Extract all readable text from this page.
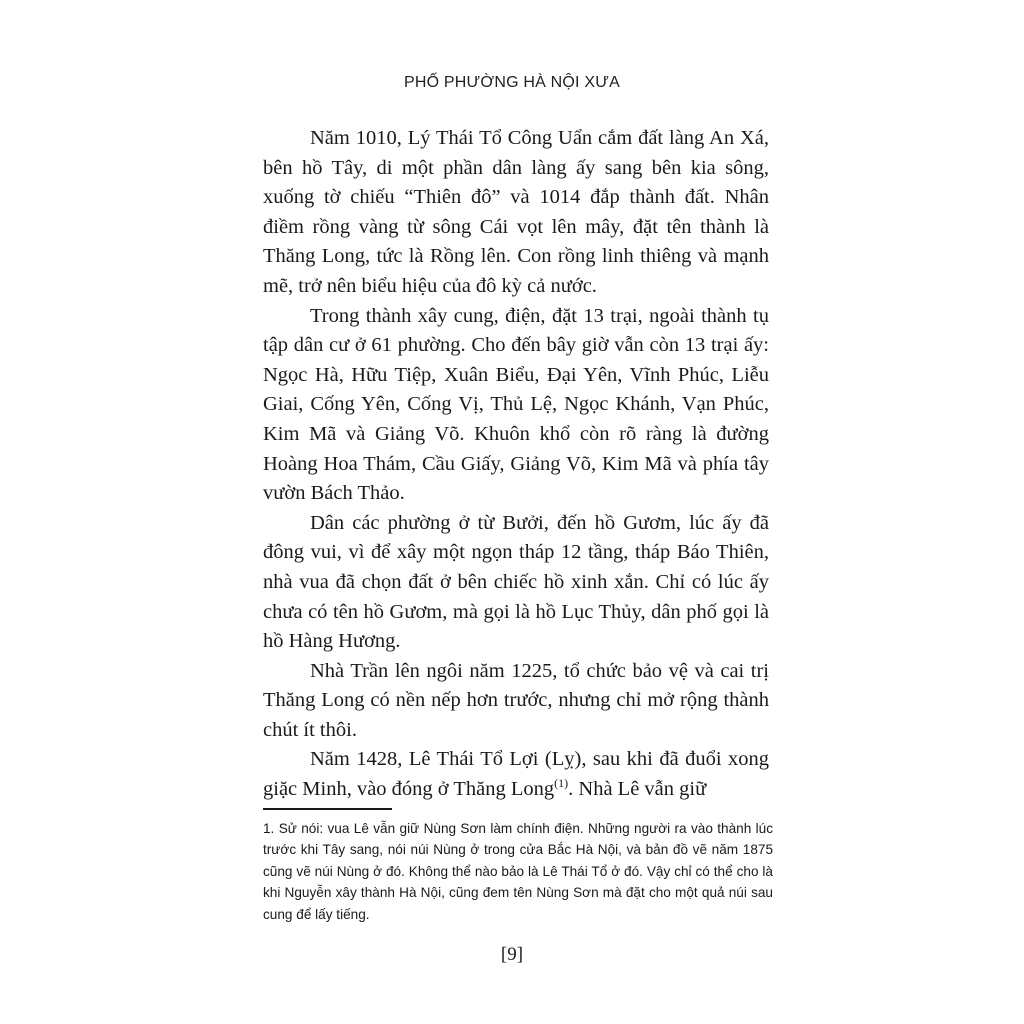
PHỐ PHƯỜNG HÀ NỘI XƯA

Năm 1010, Lý Thái Tổ Công Uẩn cắm đất làng An Xá, bên hồ Tây, di một phần dân làng ấy sang bên kia sông, xuống tờ chiếu “Thiên đô” và 1014 đắp thành đất. Nhân điềm rồng vàng từ sông Cái vọt lên mây, đặt tên thành là Thăng Long, tức là Rồng lên. Con rồng linh thiêng và mạnh mẽ, trở nên biểu hiệu của đô kỳ cả nước.

Trong thành xây cung, điện, đặt 13 trại, ngoài thành tụ tập dân cư ở 61 phường. Cho đến bây giờ vẫn còn 13 trại ấy: Ngọc Hà, Hữu Tiệp, Xuân Biểu, Đại Yên, Vĩnh Phúc, Liễu Giai, Cống Yên, Cống Vị, Thủ Lệ, Ngọc Khánh, Vạn Phúc, Kim Mã và Giảng Võ. Khuôn khổ còn rõ ràng là đường Hoàng Hoa Thám, Cầu Giấy, Giảng Võ, Kim Mã và phía tây vườn Bách Thảo.

Dân các phường ở từ Bưởi, đến hồ Gươm, lúc ấy đã đông vui, vì để xây một ngọn tháp 12 tầng, tháp Báo Thiên, nhà vua đã chọn đất ở bên chiếc hồ xinh xắn. Chỉ có lúc ấy chưa có tên hồ Gươm, mà gọi là hồ Lục Thủy, dân phố gọi là hồ Hàng Hương.

Nhà Trần lên ngôi năm 1225, tổ chức bảo vệ và cai trị Thăng Long có nền nếp hơn trước, nhưng chỉ mở rộng thành chút ít thôi.

Năm 1428, Lê Thái Tổ Lợi (Lỵ), sau khi đã đuổi xong giặc Minh, vào đóng ở Thăng Long$^{(1)}$. Nhà Lê vẫn giữ

1. Sử nói: vua Lê vẫn giữ Nùng Sơn làm chính điện. Những người ra vào thành lúc trước khi Tây sang, nói núi Nùng ở trong cửa Bắc Hà Nội, và bản đồ vẽ năm 1875 cũng vẽ núi Nùng ở đó. Không thể nào bảo là Lê Thái Tổ ở đó. Vậy chỉ có thể cho là khi Nguyễn xây thành Hà Nội, cũng đem tên Nùng Sơn mà đặt cho một quả núi sau cung để lấy tiếng.
[9]
